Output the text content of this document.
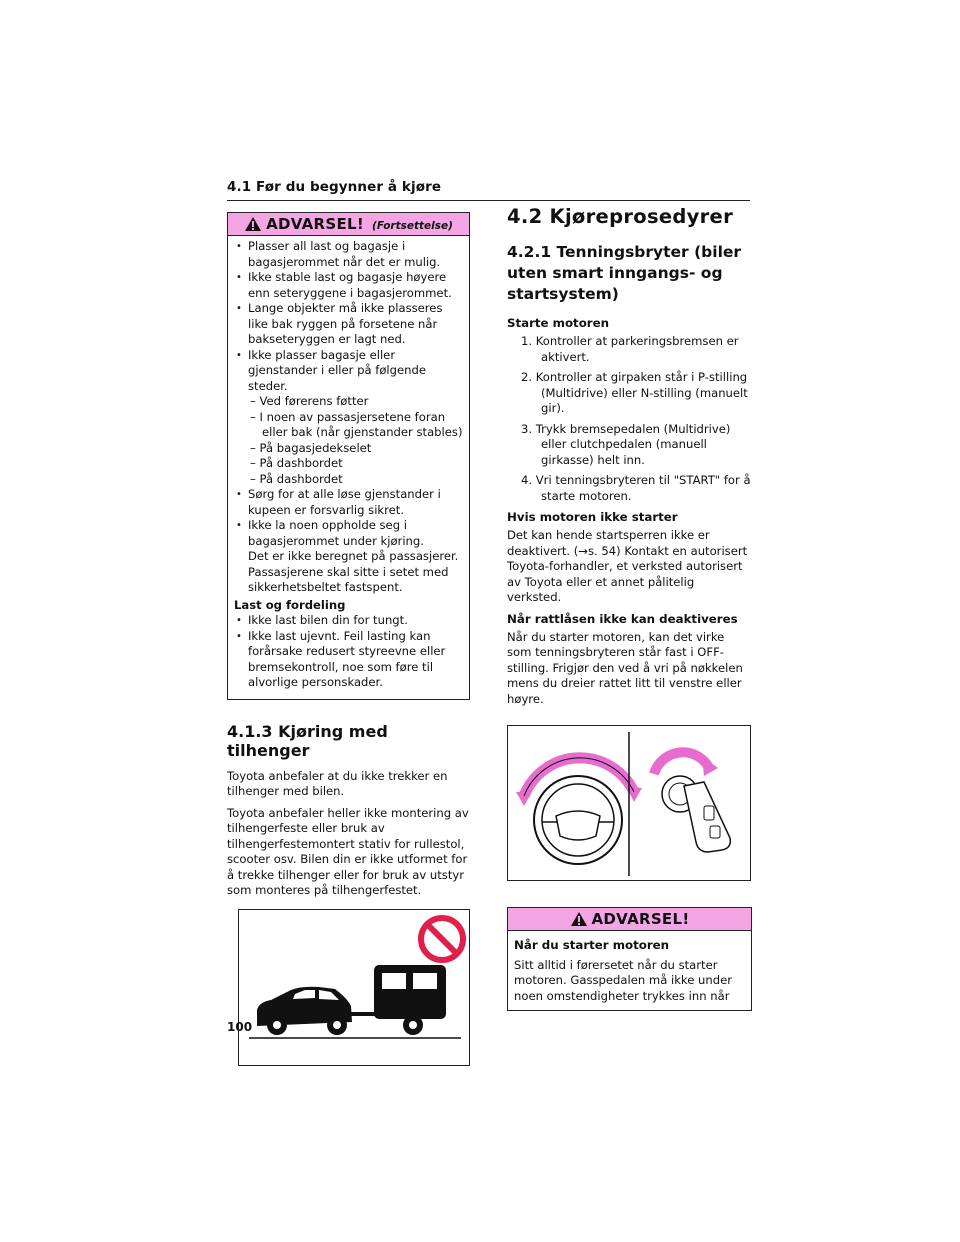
4.1 Før du begynner å kjøre
ADVARSEL! (Fortsettelse)
• Plasser all last og bagasje i bagasjerommet når det er mulig.
• Ikke stable last og bagasje høyere enn seteryggene i bagasjerommet.
• Lange objekter må ikke plasseres like bak ryggen på forsetene når bakseteryggen er lagt ned.
• Ikke plasser bagasje eller gjenstander i eller på følgende steder.
– Ved førerens føtter
– I noen av passasjersetene foran eller bak (når gjenstander stables)
– På bagasjedekselet
– På dashbordet
– På dashbordet
• Sørg for at alle løse gjenstander i kupeen er forsvarlig sikret.
• Ikke la noen oppholde seg i bagasjerommet under kjøring.
Det er ikke beregnet på passasjerer. Passasjerene skal sitte i setet med sikkerhetsbeltet fastspent.
Last og fordeling
• Ikke last bilen din for tungt.
• Ikke last ujevnt. Feil lasting kan forårsake redusert styreevne eller bremsekontroll, noe som føre til alvorlige personskader.
4.1.3 Kjøring med tilhenger
Toyota anbefaler at du ikke trekker en tilhenger med bilen.
Toyota anbefaler heller ikke montering av tilhengerfeste eller bruk av tilhengerfestemontert stativ for rullestol, scooter osv. Bilen din er ikke utformet for å trekke tilhenger eller for bruk av utstyr som monteres på tilhengerfestet.
4.2 Kjøreprosedyrer
4.2.1 Tenningsbryter (biler uten smart inngangs- og startsystem)
Starte motoren
1. Kontroller at parkeringsbremsen er aktivert.
2. Kontroller at girpaken står i P-stilling (Multidrive) eller N-stilling (manuelt gir).
3. Trykk bremsepedalen (Multidrive) eller clutchpedalen (manuell girkasse) helt inn.
4. Vri tenningsbryteren til "START" for å starte motoren.
Hvis motoren ikke starter
Det kan hende startsperren ikke er deaktivert. (→s. 54) Kontakt en autorisert Toyota-forhandler, et verksted autorisert av Toyota eller et annet pålitelig verksted.
Når rattlåsen ikke kan deaktiveres
Når du starter motoren, kan det virke som tenningsbryteren står fast i OFF-stilling. Frigjør den ved å vri på nøkkelen mens du dreier rattet litt til venstre eller høyre.
ADVARSEL!
Når du starter motoren
Sitt alltid i førersetet når du starter motoren. Gasspedalen må ikke under noen omstendigheter trykkes inn når
100
